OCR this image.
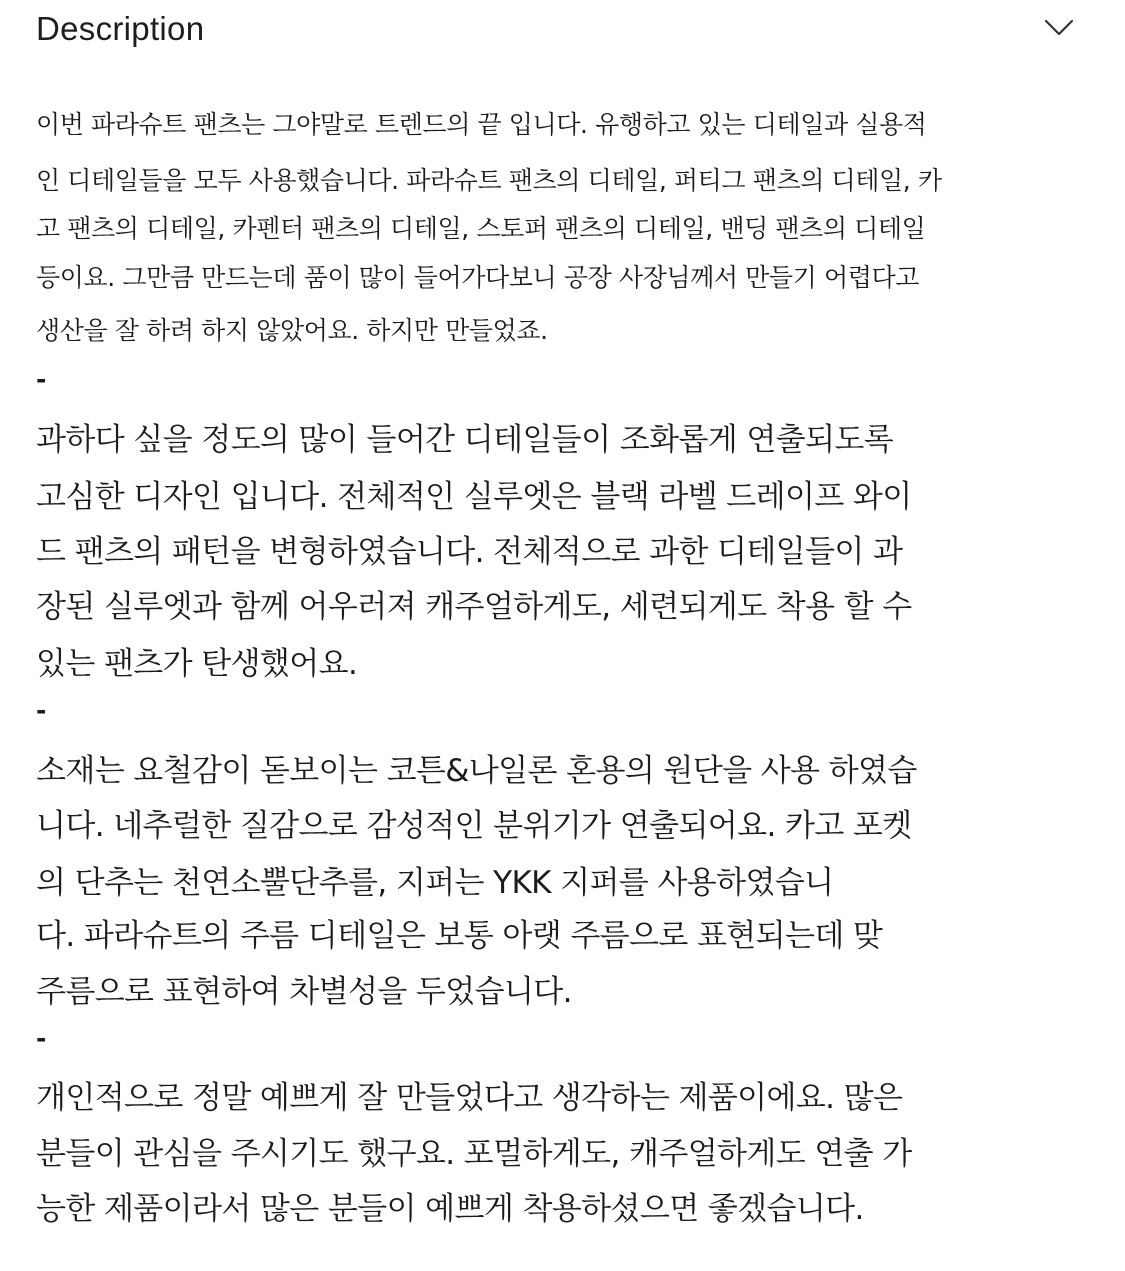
Description
이번 파라슈트 팬츠는 그야말로 트렌드의 끝 입니다. 유행하고 있는 디테일과 실용적
인 디테일들을 모두 사용했습니다. 파라슈트 팬츠의 디테일, 퍼티그 팬츠의 디테일, 카
고 팬츠의 디테일, 카펜터 팬츠의 디테일, 스토퍼 팬츠의 디테일, 밴딩 팬츠의 디테일
등이요. 그만큼 만드는데 품이 많이 들어가다보니 공장 사장님께서 만들기 어렵다고
생산을 잘 하려 하지 않았어요. 하지만 만들었죠.
-
과하다 싶을 정도의 많이 들어간 디테일들이 조화롭게 연출되도록
고심한 디자인 입니다. 전체적인 실루엣은 블랙 라벨 드레이프 와이
드 팬츠의 패턴을 변형하였습니다. 전체적으로 과한 디테일들이 과
장된 실루엣과 함께 어우러져 캐주얼하게도, 세련되게도 착용 할 수
있는 팬츠가 탄생했어요.
-
소재는 요철감이 돋보이는 코튼&나일론 혼용의 원단을 사용 하였습
니다. 네추럴한 질감으로 감성적인 분위기가 연출되어요. 카고 포켓
의 단추는 천연소뿔단추를, 지퍼는 YKK 지퍼를 사용하였습니
다. 파라슈트의 주름 디테일은 보통 아랫 주름으로 표현되는데 맞
주름으로 표현하여 차별성을 두었습니다.
-
개인적으로 정말 예쁘게 잘 만들었다고 생각하는 제품이에요. 많은
분들이 관심을 주시기도 했구요. 포멀하게도, 캐주얼하게도 연출 가
능한 제품이라서 많은 분들이 예쁘게 착용하셨으면 좋겠습니다.
